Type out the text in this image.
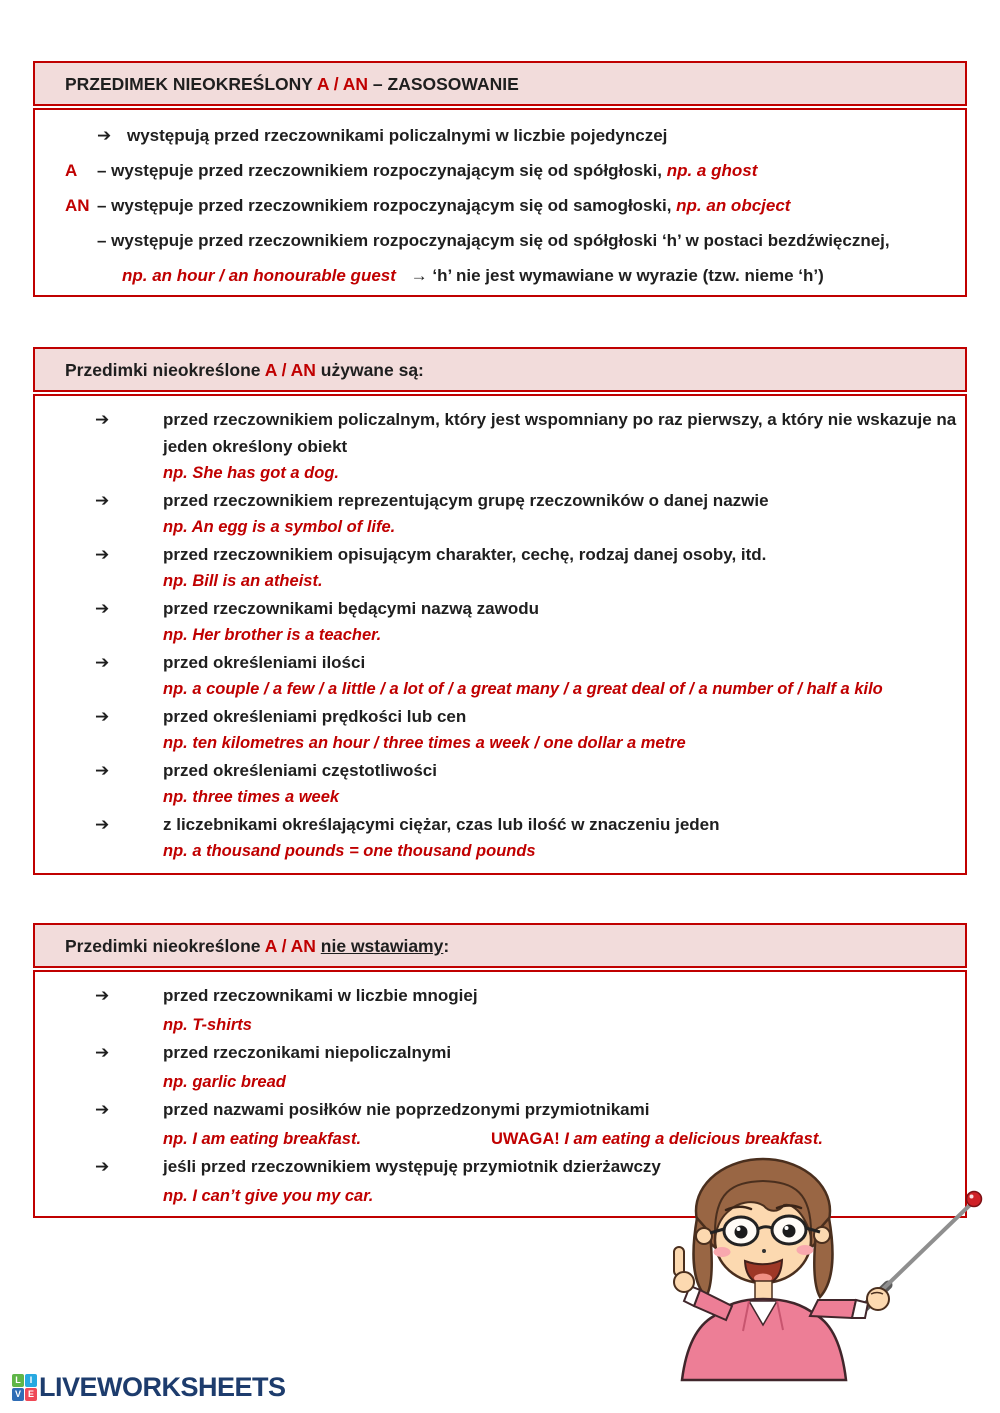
PRZEDIMEK NIEOKREŚLONY A / AN – ZASOSOWANIE
➔ występują przed rzeczownikami policzalnymi w liczbie pojedynczej
A	– występuje przed rzeczownikiem rozpoczynającym się od spółgłoski, np. a ghost
AN – występuje przed rzeczownikiem rozpoczynającym się od samogłoski, np. an obcject
– występuje przed rzeczownikiem rozpoczynającym się od spółgłoski ‘h’ w postaci bezdźwięcznej,
np. an hour / an honourable guest → ‘h’ nie jest wymawiane w wyrazie (tzw. nieme ‘h’)
Przedimki nieokreślone A / AN używane są:
➔	przed rzeczownikiem policzalnym, który jest wspomniany po raz pierwszy, a który nie wskazuje na jeden określony obiekt
np. She has got a dog.
➔	przed rzeczownikiem reprezentującym grupę rzeczowników o danej nazwie
np. An egg is a symbol of life.
➔	przed rzeczownikiem opisującym charakter, cechę, rodzaj danej osoby, itd.
np. Bill is an atheist.
➔	przed rzeczownikami będącymi nazwą zawodu
np. Her brother is a teacher.
➔	przed określeniami ilości
np. a couple / a few / a little / a lot of / a great many / a great deal of / a number of / half a kilo
➔	przed określeniami prędkości lub cen
np. ten kilometres an hour / three times a week / one dollar a metre
➔	przed określeniami częstotliwości
np. three times a week
➔	z liczebnikami określającymi ciężar, czas lub ilość w znaczeniu jeden
np. a thousand pounds = one thousand pounds
Przedimki nieokreślone A / AN nie wstawiamy:
➔	przed rzeczownikami w liczbie mnogiej
np. T-shirts
➔	przed rzeczonikami niepoliczalnymi
np. garlic bread
➔	przed nazwami posiłków nie poprzedzonymi przymiotnikami
np. I am eating breakfast.	UWAGA! I am eating a delicious breakfast.
➔	jeśli przed rzeczownikiem występuję przymiotnik dzierżawczy
np. I can’t give you my car.
L I
V E LIVEWORKSHEETS
